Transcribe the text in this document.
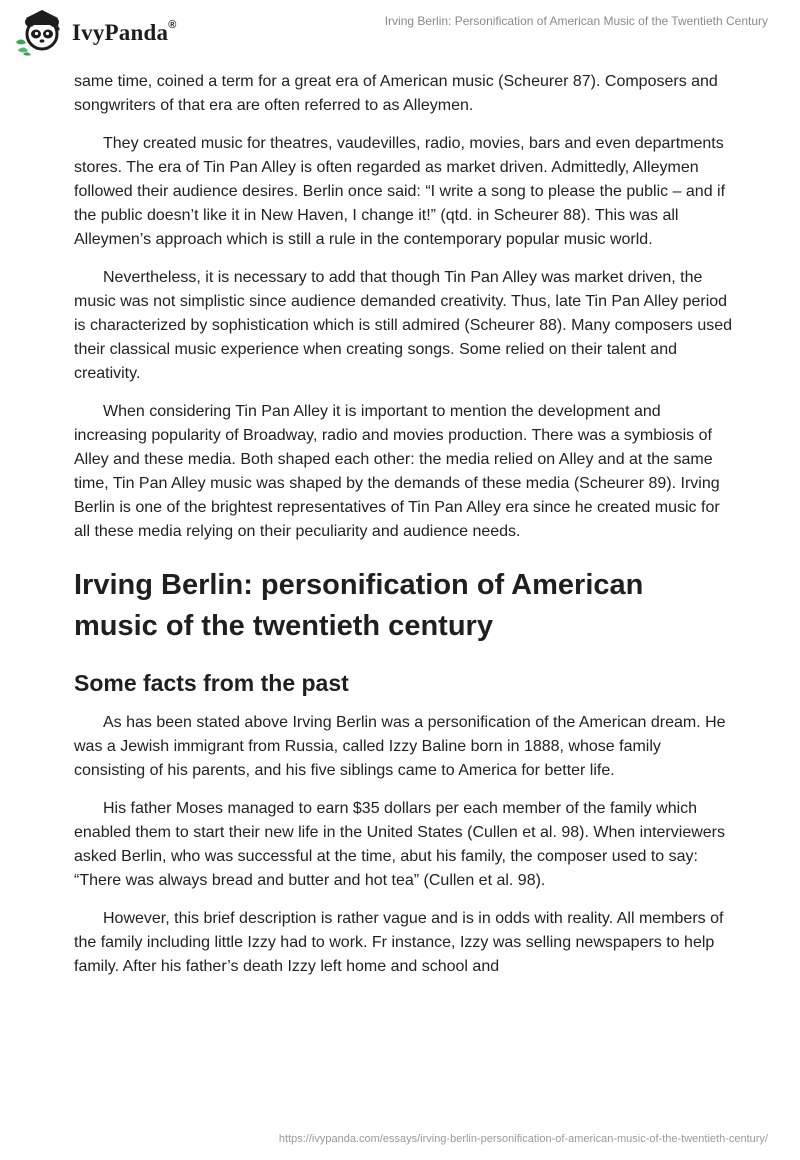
IvyPanda®	Irving Berlin: Personification of American Music of the Twentieth Century

same time, coined a term for a great era of American music (Scheurer 87). Composers and songwriters of that era are often referred to as Alleymen.

They created music for theatres, vaudevilles, radio, movies, bars and even departments stores. The era of Tin Pan Alley is often regarded as market driven. Admittedly, Alleymen followed their audience desires. Berlin once said: “I write a song to please the public – and if the public doesn’t like it in New Haven, I change it!” (qtd. in Scheurer 88). This was all Alleymen’s approach which is still a rule in the contemporary popular music world.

Nevertheless, it is necessary to add that though Tin Pan Alley was market driven, the music was not simplistic since audience demanded creativity. Thus, late Tin Pan Alley period is characterized by sophistication which is still admired (Scheurer 88). Many composers used their classical music experience when creating songs. Some relied on their talent and creativity.

When considering Tin Pan Alley it is important to mention the development and increasing popularity of Broadway, radio and movies production. There was a symbiosis of Alley and these media. Both shaped each other: the media relied on Alley and at the same time, Tin Pan Alley music was shaped by the demands of these media (Scheurer 89). Irving Berlin is one of the brightest representatives of Tin Pan Alley era since he created music for all these media relying on their peculiarity and audience needs.

Irving Berlin: personification of American music of the twentieth century
Some facts from the past

As has been stated above Irving Berlin was a personification of the American dream. He was a Jewish immigrant from Russia, called Izzy Baline born in 1888, whose family consisting of his parents, and his five siblings came to America for better life.

His father Moses managed to earn $35 dollars per each member of the family which enabled them to start their new life in the United States (Cullen et al. 98). When interviewers asked Berlin, who was successful at the time, abut his family, the composer used to say: “There was always bread and butter and hot tea” (Cullen et al. 98).

However, this brief description is rather vague and is in odds with reality. All members of the family including little Izzy had to work. Fr instance, Izzy was selling newspapers to help family. After his father’s death Izzy left home and school and

https://ivypanda.com/essays/irving-berlin-personification-of-american-music-of-the-twentieth-century/
